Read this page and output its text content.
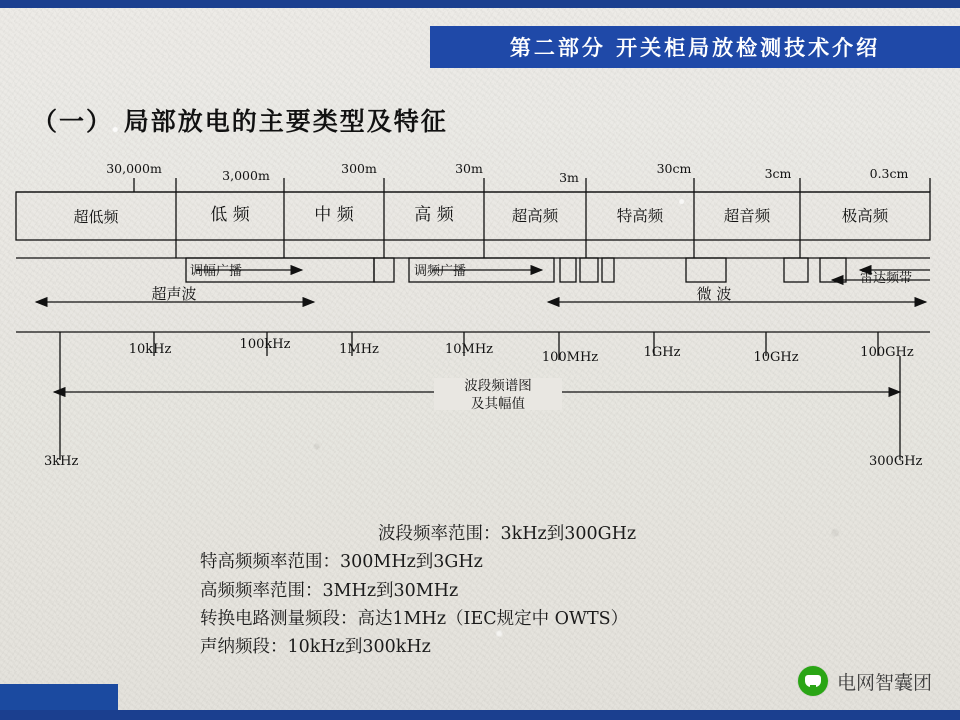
第二部分 开关柜局放检测技术介绍
（一） 局部放电的主要类型及特征
30,000m	3,000m	300m	30m
3m
30cm	3cm	0.3cm
超低频	低 频	中 频	高 频	超高频	特高频	超音频	极高频
调幅广播	调频广播	雷达频带
超声波	微 波
10kHz	100kHz	1MHz	10MHz
100MHz	1GHz	10GHz	100GHz
波段频谱图
及其幅值
3kHz	300GHz
波段频率范围：3kHz到300GHz
特高频频率范围：300MHz到3GHz
高频频率范围：3MHz到30MHz
转换电路测量频段：高达1MHz（IEC规定中 OWTS）
声纳频段：10kHz到300kHz
电网智囊团
